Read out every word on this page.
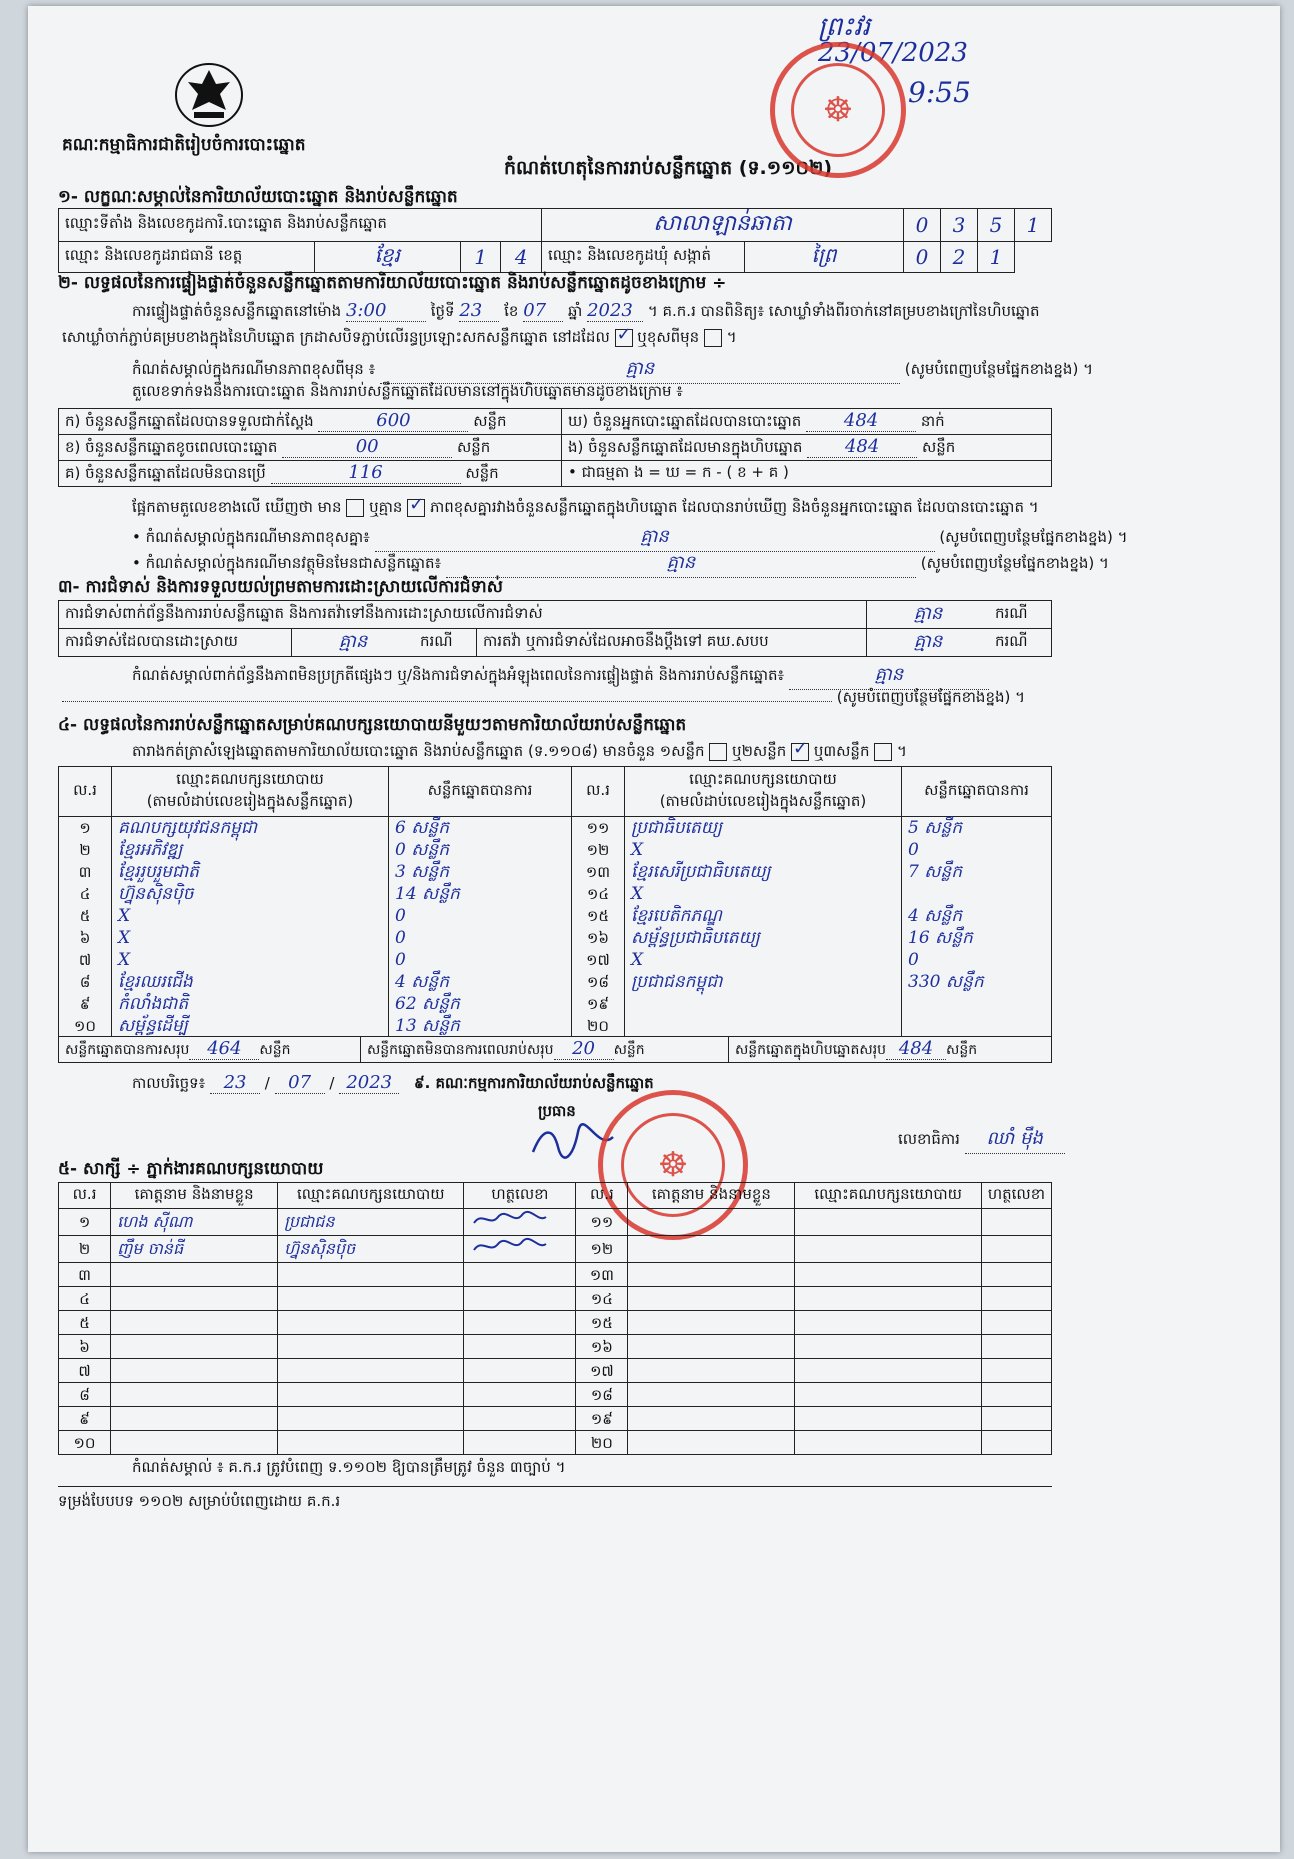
គណៈកម្មាធិការជាតិរៀបចំការបោះឆ្នោត
កំណត់ហេតុនៃការរាប់សន្លឹកឆ្នោត (ទ.១១០២)
ព្រះវរ
23/07/2023
☸	9:55
១- លក្ខណៈសម្គាល់នៃការិយាល័យបោះឆ្នោត និងរាប់សន្លឹកឆ្នោត
ឈ្មោះទីតាំង និងលេខកូដការិ.បោះឆ្នោត និងរាប់សន្លឹកឆ្នោត				សាលាឡាន់ឆាតា		0	3	5	1
ឈ្មោះ និងលេខកូដរាជធានី ខេត្ត	ខ្មែរ	1	4	ឈ្មោះ និងលេខកូដឃុំ សង្កាត់	ព្រៃ	0	2	1	
២- លទ្ធផលនៃការផ្ទៀងផ្ទាត់ចំនួនសន្លឹកឆ្នោតតាមការិយាល័យបោះឆ្នោត និងរាប់សន្លឹកឆ្នោតដូចខាងក្រោម ÷
ការផ្ទៀងផ្ទាត់ចំនួនសន្លឹកឆ្នោតនៅម៉ោង 3:00	ថ្ងៃទី 23 ខែ 07 ឆ្នាំ 2023 ។ គ.ក.រ បានពិនិត្យ៖ សោឃ្លាំទាំងពីរចាក់នៅគម្របខាងក្រៅនៃហិបឆ្នោត
សោឃ្លាំចាក់ភ្ជាប់គម្របខាងក្នុងនៃហិបឆ្នោត ក្រដាសបិទភ្ជាប់លើរន្ធប្រឡោះសកសន្លឹកឆ្នោត នៅដដែល ✓ ឬខុសពីមុន  ។
កំណត់សម្គាល់ក្នុងករណីមានភាពខុសពីមុន ៖	គ្មាន	(សូមបំពេញបន្ថែមផ្នែកខាងខ្នង) ។
តួលេខទាក់ទងនឹងការបោះឆ្នោត និងការរាប់សន្លឹកឆ្នោតដែលមាននៅក្នុងហិបឆ្នោតមានដូចខាងក្រោម ៖
ក) ចំនួនសន្លឹកឆ្នោតដែលបានទទួលជាក់ស្តែង 600 សន្លឹក	ឃ) ចំនួនអ្នកបោះឆ្នោតដែលបានបោះឆ្នោត 484 នាក់
ខ) ចំនួនសន្លឹកឆ្នោតខូចពេលបោះឆ្នោត 00 សន្លឹក	ង) ចំនួនសន្លឹកឆ្នោតដែលមានក្នុងហិបឆ្នោត 484 សន្លឹក
គ) ចំនួនសន្លឹកឆ្នោតដែលមិនបានប្រើ 116 សន្លឹក	• ជាធម្មតា ង = ឃ = ក - ( ខ + គ )
ផ្អែកតាមតួលេខខាងលើ ឃើញថា មាន ឬគ្មាន ✓ ភាពខុសគ្នារវាងចំនួនសន្លឹកឆ្នោតក្នុងហិបឆ្នោត ដែលបានរាប់ឃើញ និងចំនួនអ្នកបោះឆ្នោត ដែលបានបោះឆ្នោត ។
• កំណត់សម្គាល់ក្នុងករណីមានភាពខុសគ្នា៖	គ្មាន	(សូមបំពេញបន្ថែមផ្នែកខាងខ្នង) ។
• កំណត់សម្គាល់ក្នុងករណីមានវត្ថុមិនមែនជាសន្លឹកឆ្នោត៖	គ្មាន	(សូមបំពេញបន្ថែមផ្នែកខាងខ្នង) ។
៣- ការជំទាស់ និងការទទួលយល់ព្រមតាមការដោះស្រាយលើការជំទាស់
ការជំទាស់ពាក់ព័ន្ធនឹងការរាប់សន្លឹកឆ្នោត និងការតវ៉ាទៅនឹងការដោះស្រាយលើការជំទាស់				គ្មាន	ករណី
ការជំទាស់ដែលបានដោះស្រាយ	គ្មាន	ករណី	ការតវ៉ា ឬការជំទាស់ដែលអាចនឹងប្តឹងទៅ គឃ.សបប	គ្មាន	ករណី
កំណត់សម្គាល់ពាក់ព័ន្ធនឹងភាពមិនប្រក្រតីផ្សេងៗ ឬ/និងការជំទាស់ក្នុងអំឡុងពេលនៃការផ្ទៀងផ្ទាត់ និងការរាប់សន្លឹកឆ្នោត៖	គ្មាន
(សូមបំពេញបន្ថែមផ្នែកខាងខ្នង) ។
៤- លទ្ធផលនៃការរាប់សន្លឹកឆ្នោតសម្រាប់គណបក្សនយោបាយនីមួយៗតាមការិយាល័យរាប់សន្លឹកឆ្នោត
តារាងកត់ត្រាសំឡេងឆ្នោតតាមការិយាល័យបោះឆ្នោត និងរាប់សន្លឹកឆ្នោត (ទ.១១០៨) មានចំនួន ១សន្លឹក ឬ២សន្លឹក ✓ ឬ៣សន្លឹក  ។
ល.រ	ឈ្មោះគណបក្សនយោបាយ
(តាមលំដាប់លេខរៀងក្នុងសន្លឹកឆ្នោត)	សន្លឹកឆ្នោតបានការ	ល.រ	ឈ្មោះគណបក្សនយោបាយ
(តាមលំដាប់លេខរៀងក្នុងសន្លឹកឆ្នោត)	សន្លឹកឆ្នោតបានការ
១	គណបក្សយុវជនកម្ពុជា	6 សន្លឹក	១១	ប្រជាធិបតេយ្យ	5 សន្លឹក
២	ខ្មែរអភិវឌ្ឍ	0 សន្លឹក	១២	X	0
៣	ខ្មែររួបរួមជាតិ	3 សន្លឹក	១៣	ខ្មែរសេរីប្រជាធិបតេយ្យ	7 សន្លឹក
៤	ហ្វ៊ុនស៊ិនប៉ិច	14 សន្លឹក	១៤	X	
៥	X	0	១៥	ខ្មែរបេតិកភណ្ឌ	4 សន្លឹក
៦	X	0	១៦	សម្ព័ន្ធប្រជាធិបតេយ្យ	16 សន្លឹក
៧	X	0	១៧	X	0
៨	ខ្មែរឈរជើង	4 សន្លឹក	១៨	ប្រជាជនកម្ពុជា	330 សន្លឹក
៩	កំលាំងជាតិ	62 សន្លឹក	១៩		
១០	សម្ព័ន្ធដើម្បី	13 សន្លឹក	២០		
សន្លឹកឆ្នោតបានការសរុប 464 សន្លឹក	សន្លឹកឆ្នោតមិនបានការពេលរាប់សរុប 20 សន្លឹក	សន្លឹកឆ្នោតក្នុងហិបឆ្នោតសរុប 484 សន្លឹក
កាលបរិច្ឆេទ៖ 23 / 07 / 2023 ៩. គណៈកម្មការការិយាល័យរាប់សន្លឹកឆ្នោត
ប្រធាន
☸
លេខាធិការ ឈាំ ម៉ឹង
៥- សាក្សី ÷ ភ្នាក់ងារគណបក្សនយោបាយ
ល.រ	គោត្តនាម និងនាមខ្លួន	ឈ្មោះគណបក្សនយោបាយ	ហត្ថលេខា	ល.រ	គោត្តនាម និងនាមខ្លួន	ឈ្មោះគណបក្សនយោបាយ	ហត្ថលេខា
១	ហេង ស៊ីណា	ប្រជាជន		១១			
២	ញឹម ចាន់ធី	ហ្វ៊ុនស៊ិនប៉ិច		១២			
៣				១៣			
៤				១៤			
៥				១៥			
៦				១៦			
៧				១៧			
៨				១៨			
៩				១៩			
១០				២០			
កំណត់សម្គាល់ ៖ គ.ក.រ ត្រូវបំពេញ ទ.១១០២ ឱ្យបានត្រឹមត្រូវ ចំនួន ៣ច្បាប់ ។
ទម្រង់បែបបទ ១១០២ សម្រាប់បំពេញដោយ គ.ក.រ
